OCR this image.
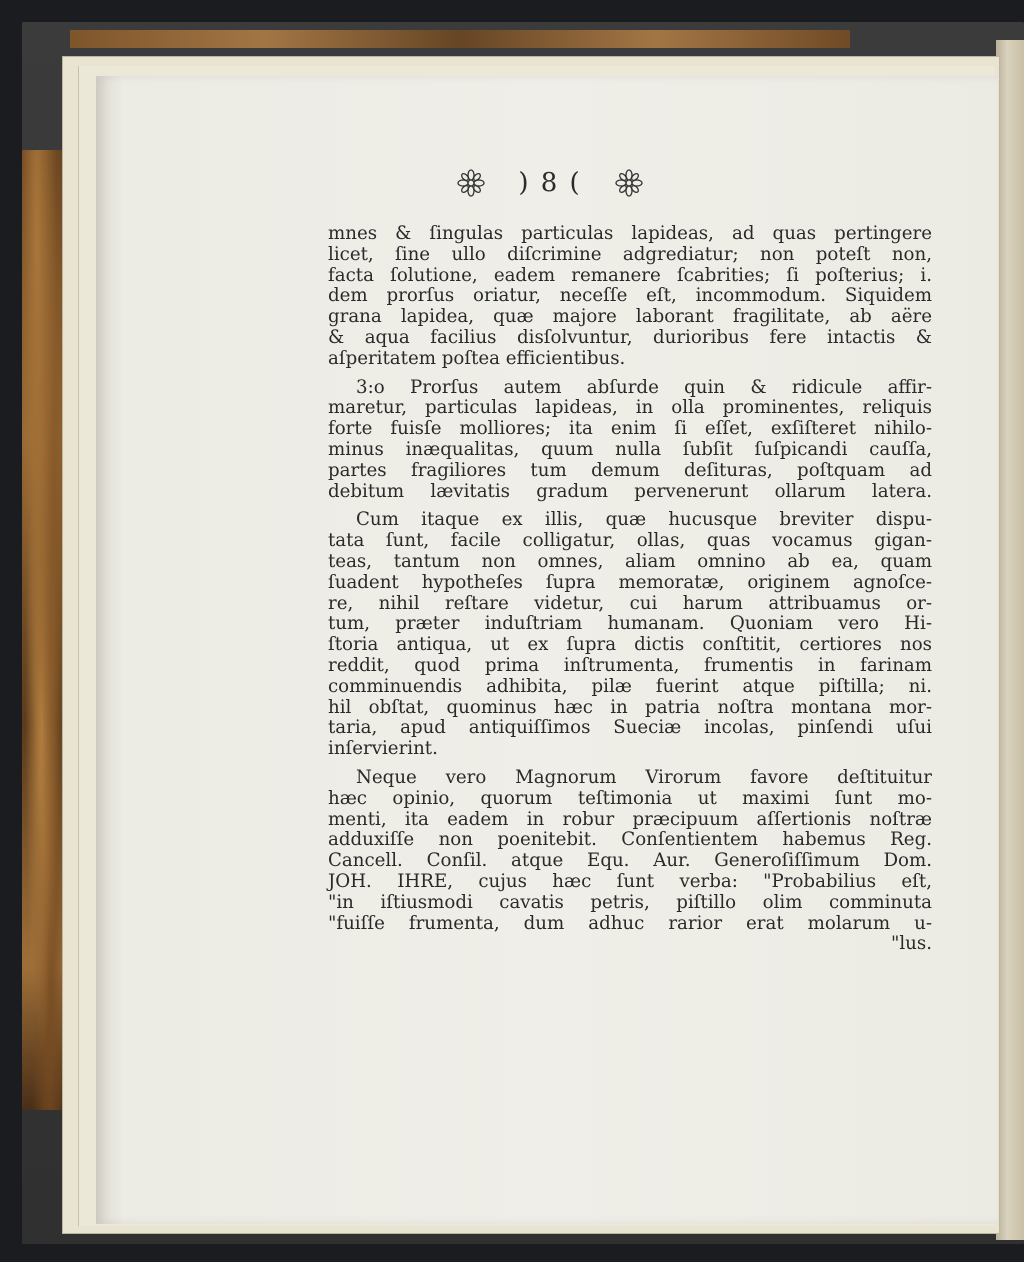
) 8 (
mnes & ſingulas particulas lapideas, ad quas pertingere
licet, ſine ullo diſcrimine adgrediatur; non poteſt non,
facta ſolutione, eadem remanere ſcabrities; ſi poſterius; i.
dem prorſus oriatur, neceſſe eſt, incommodum. Siquidem
grana lapidea, quæ majore laborant fragilitate, ab aëre
& aqua facilius disſolvuntur, durioribus fere intactis &
aſperitatem poſtea efficientibus.
3:o Prorſus autem abſurde quin & ridicule affir-
maretur, particulas lapideas, in olla prominentes, reliquis
forte fuisſe molliores; ita enim ſi eſſet, exſiſteret nihilo-
minus inæqualitas, quum nulla ſubſit ſuſpicandi cauſſa,
partes fragiliores tum demum deſituras, poſtquam ad
debitum lævitatis gradum pervenerunt ollarum latera.
Cum itaque ex illis, quæ hucusque breviter dispu-
tata ſunt, facile colligatur, ollas, quas vocamus gigan-
teas, tantum non omnes, aliam omnino ab ea, quam
ſuadent hypotheſes ſupra memoratæ, originem agnoſce-
re, nihil reſtare videtur, cui harum attribuamus or-
tum, præter induſtriam humanam. Quoniam vero Hi-
ſtoria antiqua, ut ex ſupra dictis conſtitit, certiores nos
reddit, quod prima inſtrumenta, frumentis in farinam
comminuendis adhibita, pilæ fuerint atque piſtilla; ni.
hil obſtat, quominus hæc in patria noſtra montana mor-
taria, apud antiquiſſimos Sueciæ incolas, pinſendi uſui
inſervierint.
Neque vero Magnorum Virorum favore deſtituitur
hæc opinio, quorum teſtimonia ut maximi ſunt mo-
menti, ita eadem in robur præcipuum aſſertionis noſtræ
adduxiſſe non poenitebit. Conſentientem habemus Reg.
Cancell. Conſil. atque Equ. Aur. Generoſiſſimum Dom.
JOH. IHRE, cujus hæc ſunt verba: "Probabilius eſt,
"in iſtiusmodi cavatis petris, piſtillo olim comminuta
"fuiſſe frumenta, dum adhuc rarior erat molarum u-
"lus.
